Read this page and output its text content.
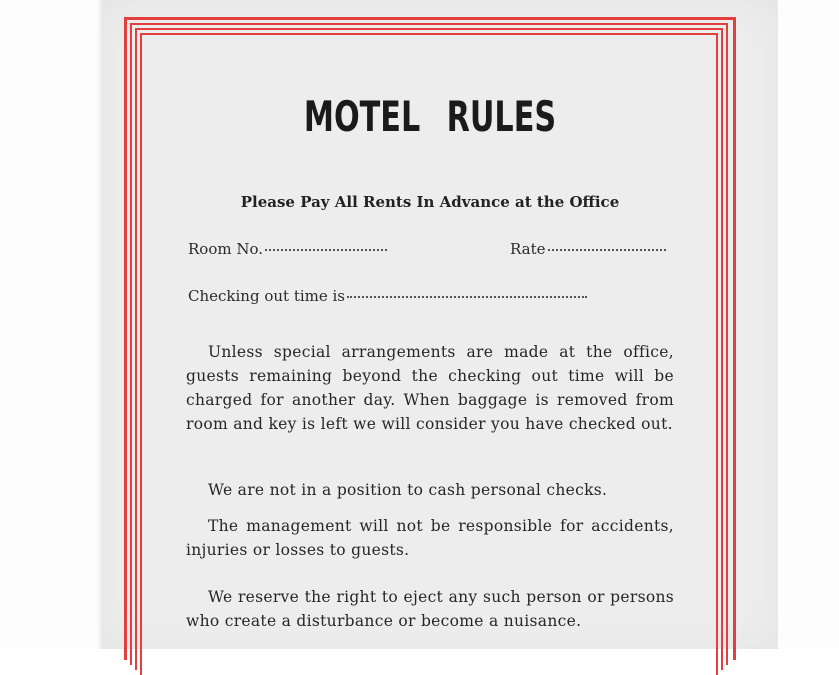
MOTEL RULES
Please Pay All Rents In Advance at the Office
Room No.	Rate
Checking out time is
Unless special arrangements are made at the office, guests remaining beyond the checking out time will be charged for another day. When baggage is removed from room and key is left we will consider you have checked out.
We are not in a position to cash personal checks.
The management will not be responsible for accidents, injuries or losses to guests.
We reserve the right to eject any such person or persons who create a disturbance or become a nuisance.
